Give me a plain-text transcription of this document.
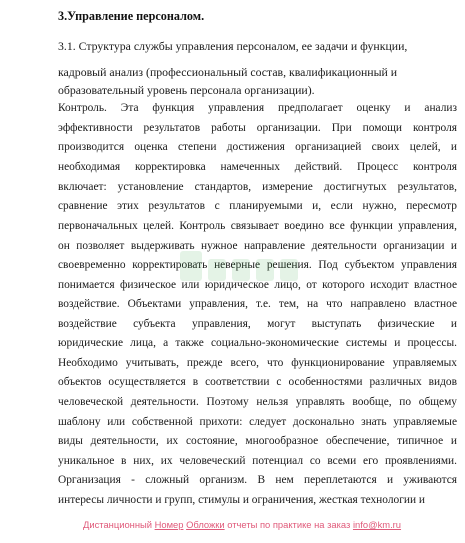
3.Управление персоналом.
3.1. Структура службы управления персоналом, ее задачи и функции,
кадровый анализ (профессиональный состав, квалификационный и
образовательный уровень персонала организации).
Контроль. Эта функция управления предполагает оценку и анализ
эффективности результатов работы организации. При помощи контроля
производится оценка степени достижения организацией своих целей, и
необходимая корректировка намеченных действий. Процесс контроля
включает: установление стандартов, измерение достигнутых результатов,
сравнение этих результатов с планируемыми и, если нужно, пересмотр
первоначальных целей. Контроль связывает воедино все функции управления,
он позволяет выдерживать нужное направление деятельности организации и
своевременно корректировать неверные решения. Под субъектом управления
понимается физическое или юридическое лицо, от которого исходит властное
воздействие. Объектами управления, т.е. тем, на что направлено властное
воздействие субъекта управления, могут выступать физические и
юридические лица, а также социально-экономические системы и процессы.
Необходимо учитывать, прежде всего, что функционирование управляемых
объектов осуществляется в соответствии с особенностями различных видов
человеческой деятельности. Поэтому нельзя управлять вообще, по общему
шаблону или собственной прихоти: следует досконально знать управляемые
виды деятельности, их состояние, многообразное обеспечение, типичное и
уникальное в них, их человеческий потенциал со всеми его проявлениями.
Организация - сложный организм. В нем переплетаются и уживаются
интересы личности и групп, стимулы и ограничения, жесткая технологии и
Дистанционный Номер Обложки отчеты по практике на заказ info@km.ru
